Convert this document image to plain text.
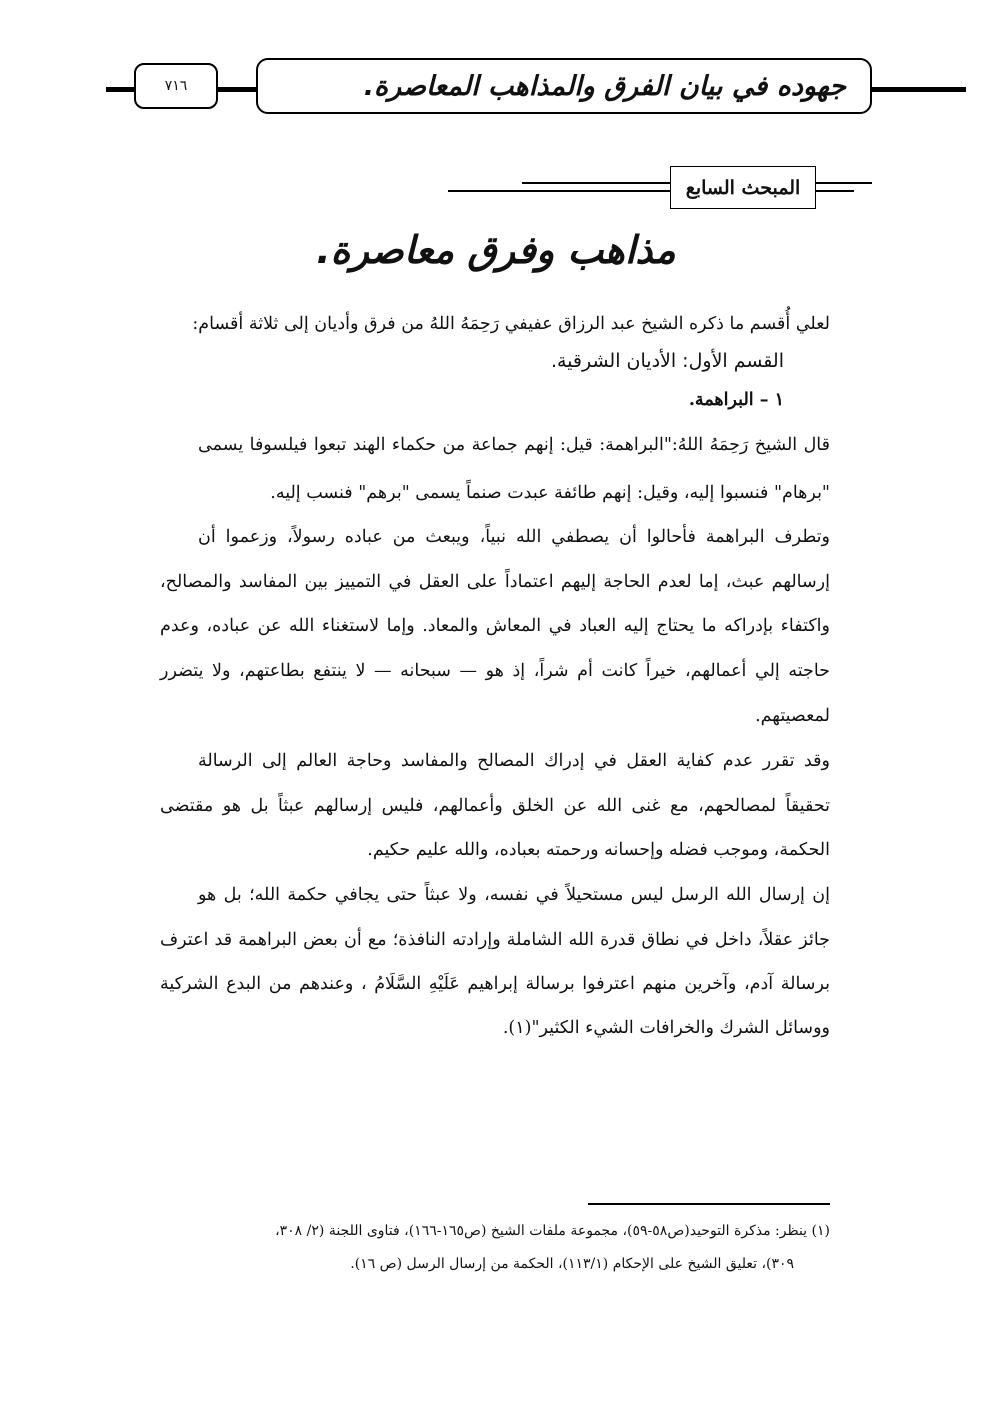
٧١٦	جهوده في بيان الفرق والمذاهب المعاصرة.
المبحث السابع
مذاهب وفرق معاصرة.
لعلي أُقسم ما ذكره الشيخ عبد الرزاق عفيفي رَحِمَهُ اللهُ من فرق وأديان إلى ثلاثة أقسام:
القسم الأول: الأديان الشرقية.
١ – البراهمة.
قال الشيخ رَحِمَهُ اللهُ:"البراهمة: قيل: إنهم جماعة من حكماء الهند تبعوا فيلسوفا يسمى
"برهام" فنسبوا إليه، وقيل: إنهم طائفة عبدت صنماً يسمى "برهم" فنسب إليه.
وتطرف البراهمة فأحالوا أن يصطفي الله نبياً، ويبعث من عباده رسولاً، وزعموا أن
إرسالهم عبث، إما لعدم الحاجة إليهم اعتماداً على العقل في التمييز بين المفاسد والمصالح،
واكتفاء بإدراكه ما يحتاج إليه العباد في المعاش والمعاد. وإما لاستغناء الله عن عباده، وعدم
حاجته إلي أعمالهم، خيراً كانت أم شراً، إذ هو — سبحانه — لا ينتفع بطاعتهم، ولا يتضرر
لمعصيتهم.
وقد تقرر عدم كفاية العقل في إدراك المصالح والمفاسد وحاجة العالم إلى الرسالة
تحقيقاً لمصالحهم، مع غنى الله عن الخلق وأعمالهم، فليس إرسالهم عبثاً بل هو مقتضى
الحكمة، وموجب فضله وإحسانه ورحمته بعباده، والله عليم حكيم.
إن إرسال الله الرسل ليس مستحيلاً في نفسه، ولا عبثاً حتى يجافي حكمة الله؛ بل هو
جائز عقلاً، داخل في نطاق قدرة الله الشاملة وإرادته النافذة؛ مع أن بعض البراهمة قد اعترف
برسالة آدم، وآخرين منهم اعترفوا برسالة إبراهيم عَلَيْهِ السَّلَامُ ، وعندهم من البدع الشركية
ووسائل الشرك والخرافات الشيء الكثير"(١).
(١) ينظر: مذكرة التوحيد(ص٥٨-٥٩)، مجموعة ملفات الشيخ (ص١٦٥-١٦٦)، فتاوى اللجنة (٢/ ٣٠٨،
٣٠٩)، تعليق الشيخ على الإحكام (١١٣/١)، الحكمة من إرسال الرسل (ص ١٦).
